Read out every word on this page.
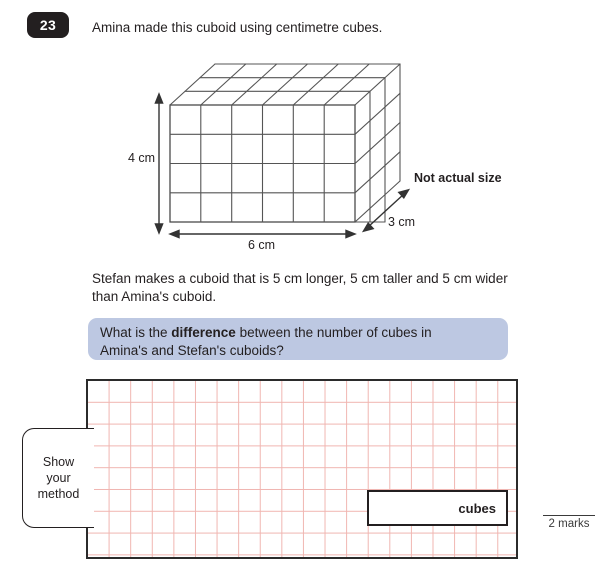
23	Amina made this cuboid using centimetre cubes.
4 cm
6 cm
3 cm
Not actual size
Stefan makes a cuboid that is 5 cm longer, 5 cm taller and 5 cm wider
than Amina's cuboid.
What is the difference between the number of cubes in
Amina's and Stefan's cuboids?
Show
your
method
cubes
2 marks
